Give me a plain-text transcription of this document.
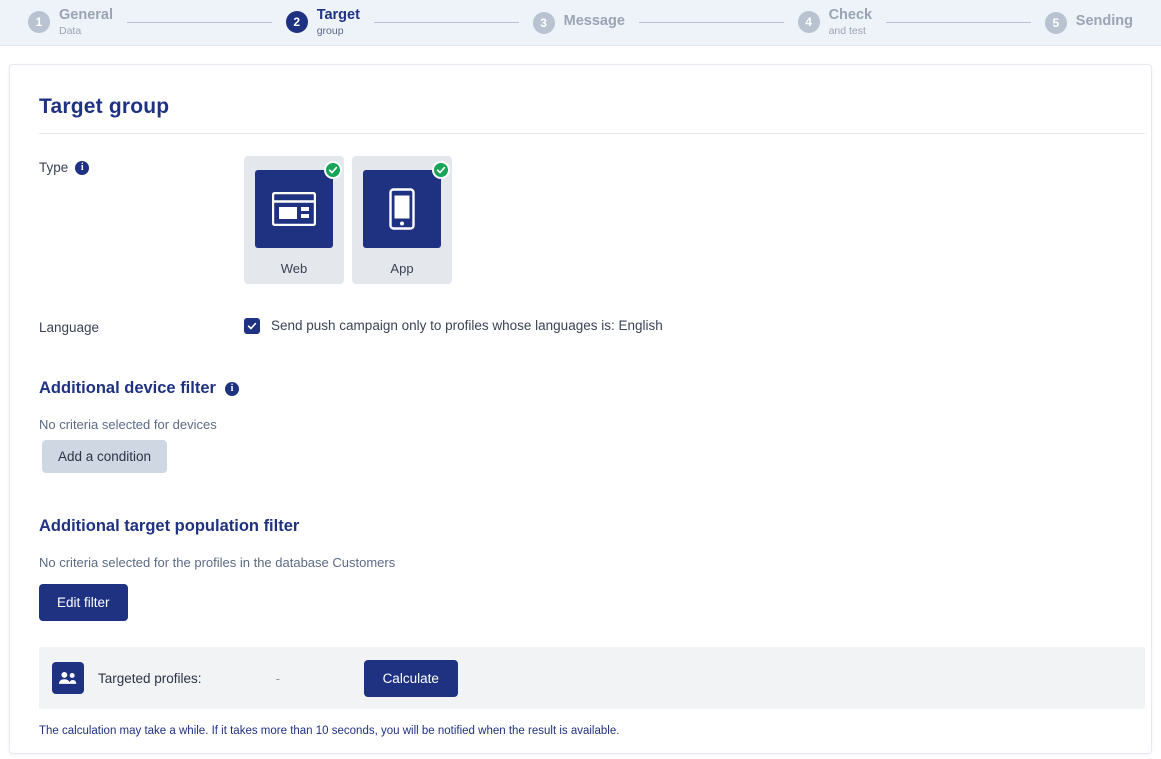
1	General
Data
2	Target
group
3	Message	4	Check
and test
5	Sending
Target group
Type	i
Web	App
Language	Send push campaign only to profiles whose languages is: English
Additional device filter	i
No criteria selected for devices
Add a condition
Additional target population filter
No criteria selected for the profiles in the database Customers
Edit filter
Targeted profiles:	-	Calculate
The calculation may take a while. If it takes more than 10 seconds, you will be notified when the result is available.
